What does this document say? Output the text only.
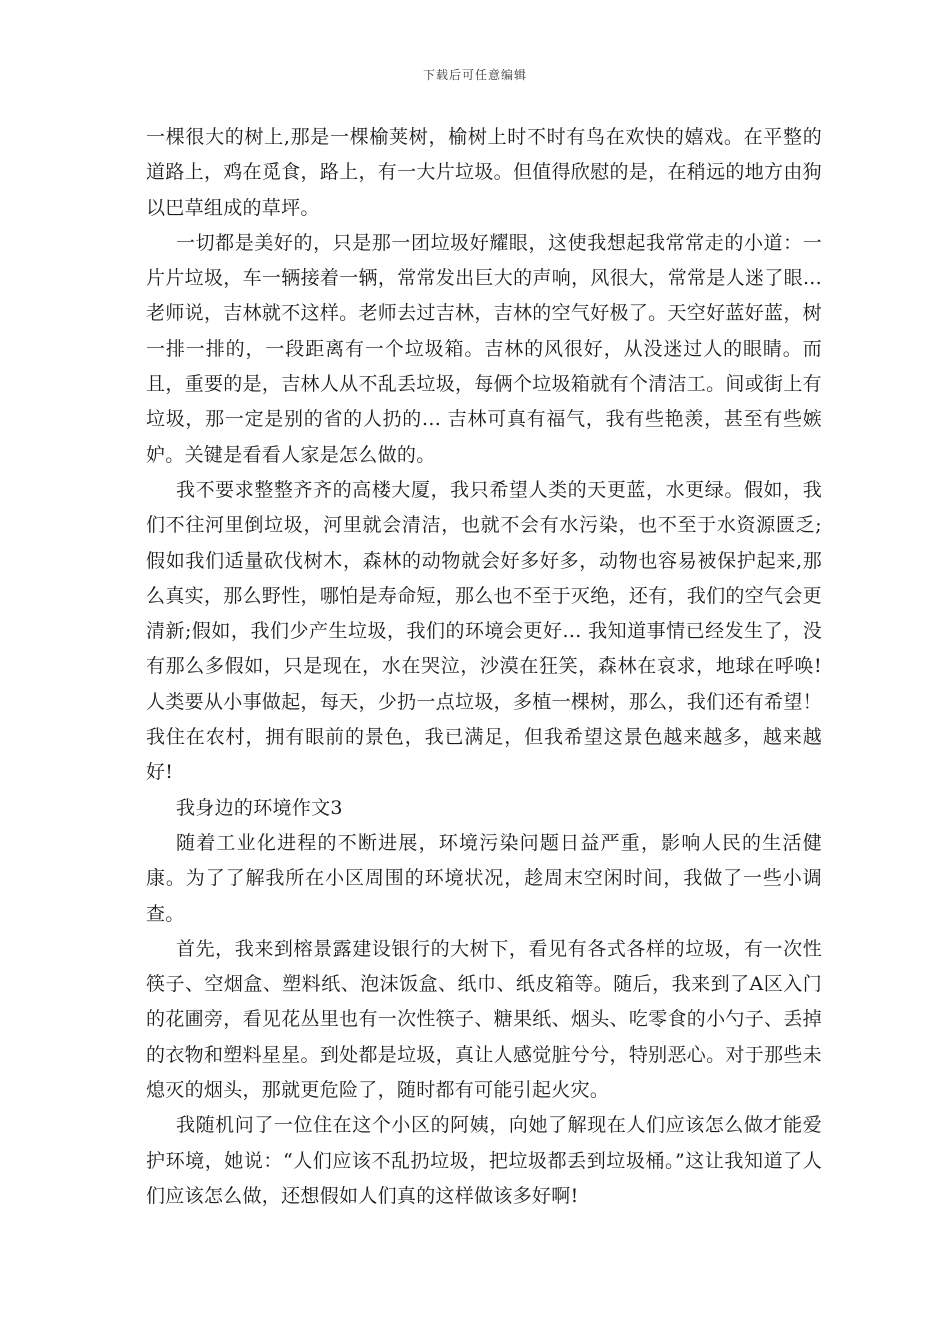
下载后可任意编辑

一棵很大的树上,那是一棵榆荚树，榆树上时不时有鸟在欢快的嬉戏。在平整的道路上，鸡在觅食，路上，有一大片垃圾。但值得欣慰的是，在稍远的地方由狗以巴草组成的草坪。

一切都是美好的，只是那一团垃圾好耀眼，这使我想起我常常走的小道：一片片垃圾，车一辆接着一辆，常常发出巨大的声响，风很大，常常是人迷了眼... 老师说，吉林就不这样。老师去过吉林，吉林的空气好极了。天空好蓝好蓝，树一排一排的，一段距离有一个垃圾箱。吉林的风很好，从没迷过人的眼睛。而且，重要的是，吉林人从不乱丢垃圾，每俩个垃圾箱就有个清洁工。间或街上有垃圾，那一定是别的省的人扔的... 吉林可真有福气，我有些艳羡，甚至有些嫉妒。关键是看看人家是怎么做的。

我不要求整整齐齐的高楼大厦，我只希望人类的天更蓝，水更绿。假如，我们不往河里倒垃圾，河里就会清洁，也就不会有水污染，也不至于水资源匮乏;假如我们适量砍伐树木，森林的动物就会好多好多，动物也容易被保护起来,那么真实，那么野性，哪怕是寿命短，那么也不至于灭绝，还有，我们的空气会更清新;假如，我们少产生垃圾，我们的环境会更好... 我知道事情已经发生了，没有那么多假如，只是现在，水在哭泣，沙漠在狂笑，森林在哀求，地球在呼唤!人类要从小事做起，每天，少扔一点垃圾，多植一棵树，那么，我们还有希望！我住在农村，拥有眼前的景色，我已满足，但我希望这景色越来越多，越来越好!

我身边的环境作文3

随着工业化进程的不断进展，环境污染问题日益严重，影响人民的生活健康。为了了解我所在小区周围的环境状况，趁周末空闲时间，我做了一些小调查。

首先，我来到榕景露建设银行的大树下，看见有各式各样的垃圾，有一次性筷子、空烟盒、塑料纸、泡沫饭盒、纸巾、纸皮箱等。随后，我来到了A区入门的花圃旁，看见花丛里也有一次性筷子、糖果纸、烟头、吃零食的小勺子、丢掉的衣物和塑料星星。到处都是垃圾，真让人感觉脏兮兮，特别恶心。对于那些未熄灭的烟头，那就更危险了，随时都有可能引起火灾。

我随机问了一位住在这个小区的阿姨，向她了解现在人们应该怎么做才能爱护环境，她说：“人们应该不乱扔垃圾，把垃圾都丢到垃圾桶。”这让我知道了人们应该怎么做，还想假如人们真的这样做该多好啊!
